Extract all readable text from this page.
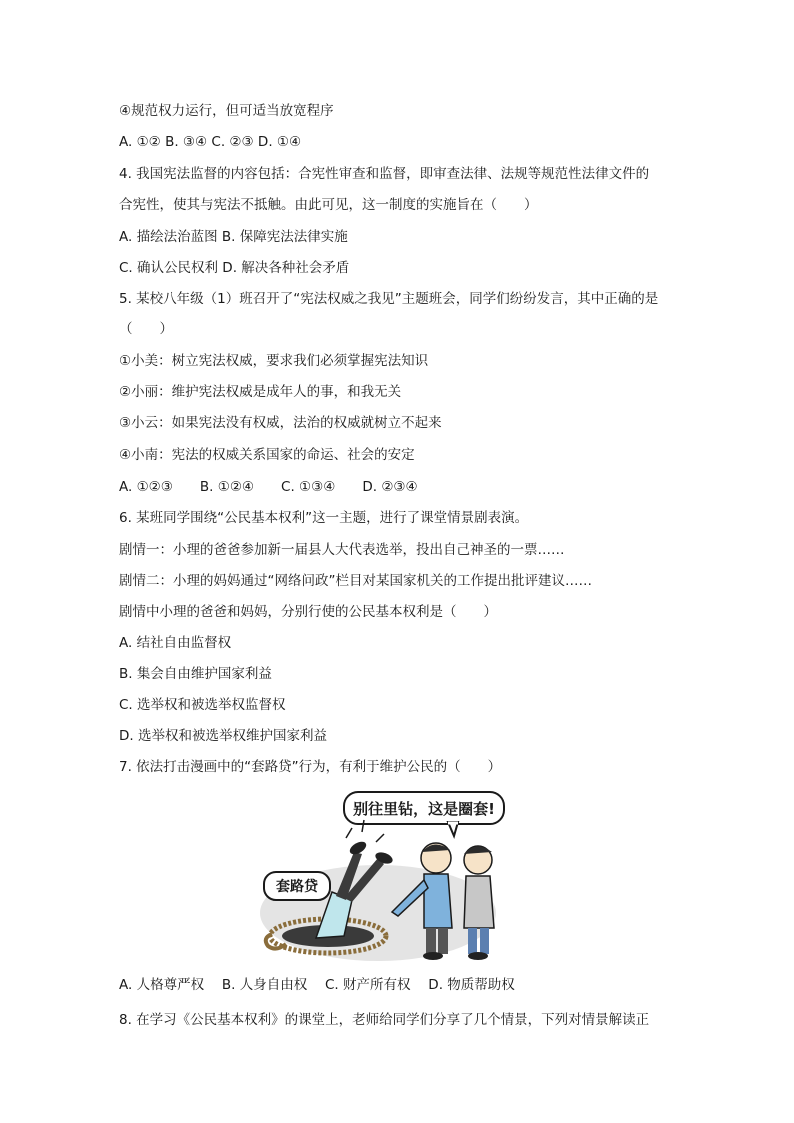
④规范权力运行，但可适当放宽程序
A. ①② B. ③④ C. ②③ D. ①④
4. 我国宪法监督的内容包括：合宪性审查和监督，即审查法律、法规等规范性法律文件的
合宪性，使其与宪法不抵触。由此可见，这一制度的实施旨在（　　）
A. 描绘法治蓝图 B. 保障宪法法律实施
C. 确认公民权利 D. 解决各种社会矛盾
5. 某校八年级（1）班召开了“宪法权威之我见”主题班会，同学们纷纷发言，其中正确的是
（　　）
①小美：树立宪法权威，要求我们必须掌握宪法知识
②小丽：维护宪法权威是成年人的事，和我无关
③小云：如果宪法没有权威，法治的权威就树立不起来
④小南：宪法的权威关系国家的命运、社会的安定
A. ①②③　　B. ①②④　　C. ①③④　　D. ②③④
6. 某班同学围绕“公民基本权利”这一主题，进行了课堂情景剧表演。
剧情一：小理的爸爸参加新一届县人大代表选举，投出自己神圣的一票……
剧情二：小理的妈妈通过“网络问政”栏目对某国家机关的工作提出批评建议……
剧情中小理的爸爸和妈妈，分别行使的公民基本权利是（　　）
A. 结社自由监督权
B. 集会自由维护国家利益
C. 选举权和被选举权监督权
D. 选举权和被选举权维护国家利益
7. 依法打击漫画中的“套路贷”行为，有利于维护公民的（　　）
别往里钻，这是圈套!
套路贷
A. 人格尊严权　 B. 人身自由权　 C. 财产所有权　 D. 物质帮助权
8. 在学习《公民基本权利》的课堂上，老师给同学们分享了几个情景，下列对情景解读正
